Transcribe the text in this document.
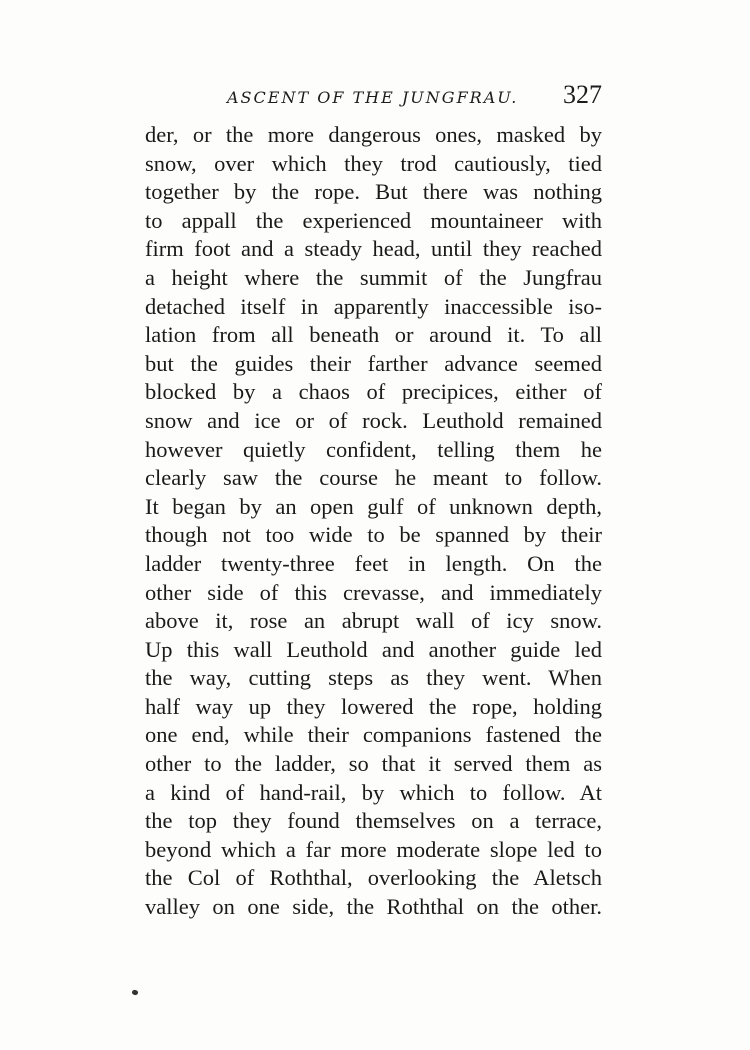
ASCENT OF THE JUNGFRAU. 327
der, or the more dangerous ones, masked by
snow, over which they trod cautiously, tied
together by the rope. But there was nothing
to appall the experienced mountaineer with
firm foot and a steady head, until they reached
a height where the summit of the Jungfrau
detached itself in apparently inaccessible iso-
lation from all beneath or around it. To all
but the guides their farther advance seemed
blocked by a chaos of precipices, either of
snow and ice or of rock. Leuthold remained
however quietly confident, telling them he
clearly saw the course he meant to follow.
It began by an open gulf of unknown depth,
though not too wide to be spanned by their
ladder twenty-three feet in length. On the
other side of this crevasse, and immediately
above it, rose an abrupt wall of icy snow.
Up this wall Leuthold and another guide led
the way, cutting steps as they went. When
half way up they lowered the rope, holding
one end, while their companions fastened the
other to the ladder, so that it served them as
a kind of hand-rail, by which to follow. At
the top they found themselves on a terrace,
beyond which a far more moderate slope led to
the Col of Roththal, overlooking the Aletsch
valley on one side, the Roththal on the other.
